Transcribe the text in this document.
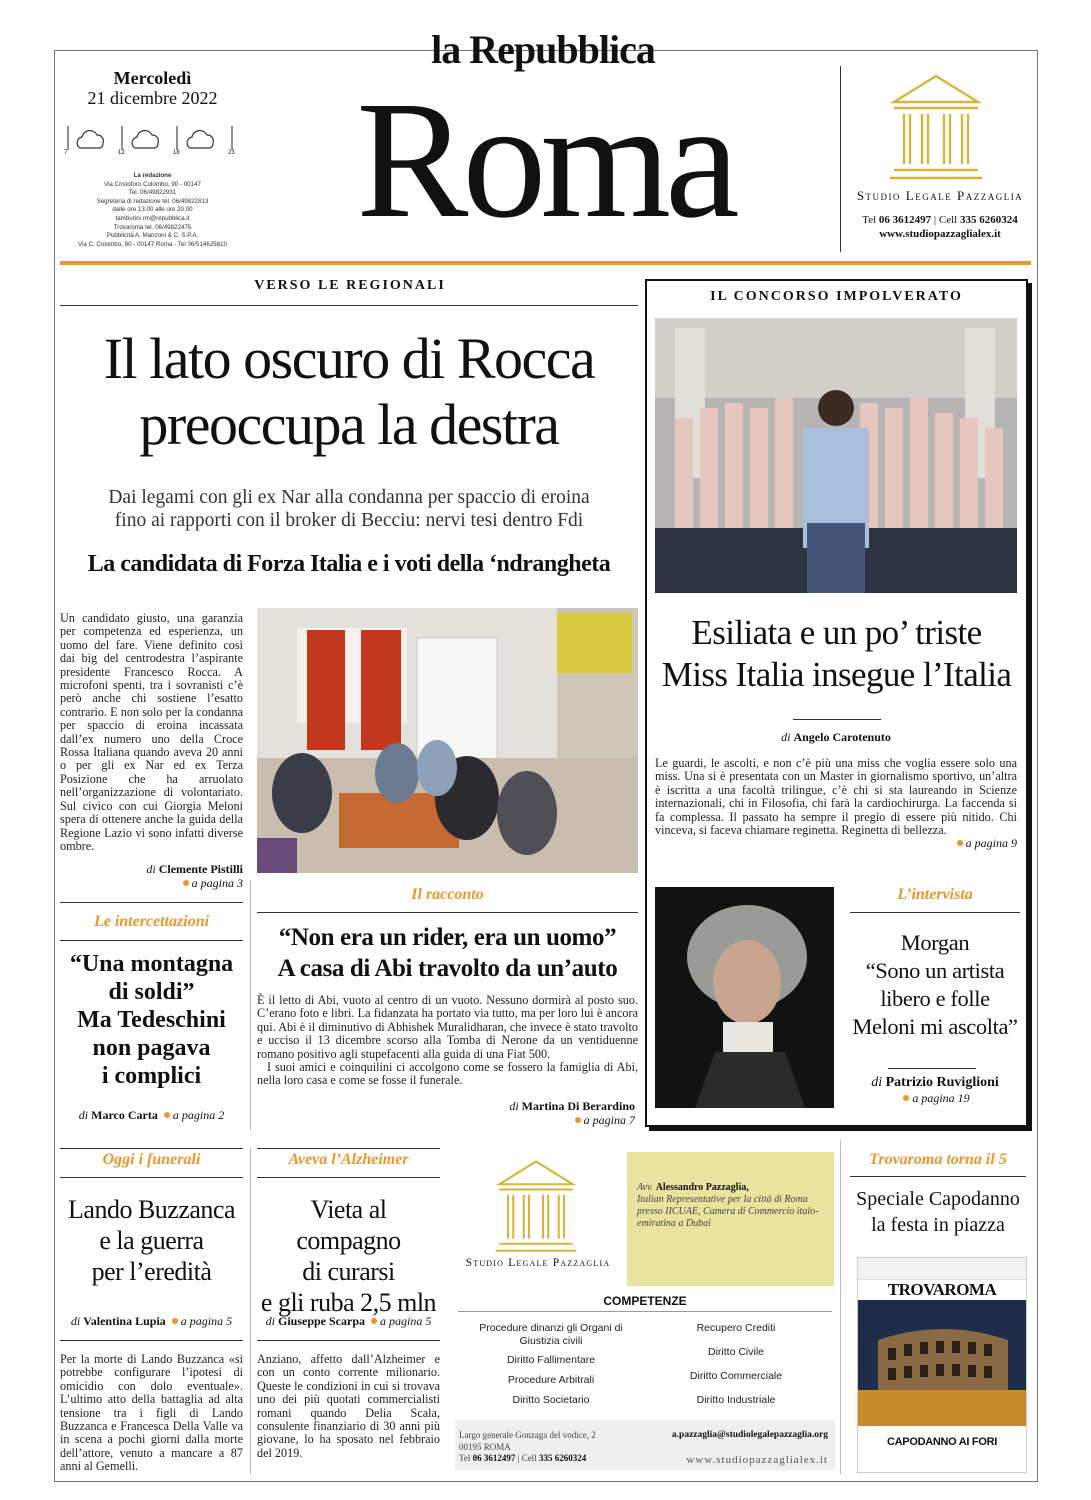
la Repubblica
Roma
Mercoledì
21 dicembre 2022
7	12	18	23
La redazione
Via Cristoforo Colombo, 90 - 00147
Tel. 06/49822931
Segreteria di redazione tel. 06/49822813
dalle ore 13.00 alle ore 20.00
tamburini.rm@repubblica.it
Trovaroma tel. 06/49822475
Pubblicità A. Manzoni & C. S.P.A.
Via C. Colombo, 90 - 00147 Roma - Tel 06/514625810
Studio Legale Pazzaglia
Tel 06 3612497 | Cell 335 6260324
www.studiopazzaglialex.it
VERSO LE REGIONALI
Il lato oscuro di Rocca
preoccupa la destra
Dai legami con gli ex Nar alla condanna per spaccio di eroina
fino ai rapporti con il broker di Becciu: nervi tesi dentro Fdi
La candidata di Forza Italia e i voti della ‘ndrangheta
Un candidato giusto, una garanzia per competenza ed esperienza, un uomo del fare. Viene definito così dai big del centrodestra l’aspirante presidente Francesco Rocca. A microfoni spenti, tra i sovranisti c’è però anche chi sostiene l’esatto contrario. E non solo per la condanna per spaccio di eroina incassata dall’ex numero uno della Croce Rossa Italiana quando aveva 20 anni o per gli ex Nar ed ex Terza Posizione che ha arruolato nell’organizzazione di volontariato. Sul civico con cui Giorgia Meloni spera di ottenere anche la guida della Regione Lazio vi sono infatti diverse ombre.
di Clemente Pistilli
a pagina 3
Le intercettazioni
“Una montagna
di soldi”
Ma Tedeschini
non pagava
i complici
di Marco Carta a pagina 2
Il racconto
“Non era un rider, era un uomo”
A casa di Abi travolto da un’auto
È il letto di Abi, vuoto al centro di un vuoto. Nessuno dormirà al posto suo. C’erano foto e libri. La fidanzata ha portato via tutto, ma per loro lui è ancora qui. Abi è il diminutivo di Abhishek Muralidharan, che invece è stato travolto e ucciso il 13 dicembre scorso alla Tomba di Nerone da un ventiduenne romano positivo agli stupefacenti alla guida di una Fiat 500.
I suoi amici e coinquilini ci accolgono come se fossero la famiglia di Abi, nella loro casa e come se fosse il funerale.
di Martina Di Berardino
a pagina 7
IL CONCORSO IMPOLVERATO
Esiliata e un po’ triste
Miss Italia insegue l’Italia
di Angelo Carotenuto
Le guardi, le ascolti, e non c’è più una miss che voglia essere solo una miss. Una si è presentata con un Master in giornalismo sportivo, un’altra è iscritta a una facoltà trilingue, c’è chi si sta laureando in Scienze internazionali, chi in Filosofia, chi farà la cardiochirurga. La faccenda si fa complessa. Il passato ha sempre il pregio di essere più nitido. Chi vinceva, si faceva chiamare reginetta. Reginetta di bellezza.
a pagina 9
L’intervista
Morgan
“Sono un artista
libero e folle
Meloni mi ascolta”
di Patrizio Ruviglioni
a pagina 19
Oggi i funerali
Lando Buzzanca
e la guerra
per l’eredità
di Valentina Lupia a pagina 5
Per la morte di Lando Buzzanca «si potrebbe configurare l’ipotesi di omicidio con dolo eventuale». L’ultimo atto della battaglia ad alta tensione tra i figli di Lando Buzzanca e Francesca Della Valle va in scena a pochi giorni dalla morte dell’attore, venuto a mancare a 87 anni al Gemelli.
Aveva l’Alzheimer
Vieta al compagno
di curarsi
e gli ruba 2,5 mln
di Giuseppe Scarpa a pagina 5
Anziano, affetto dall’Alzheimer e con un conto corrente milionario. Queste le condizioni in cui si trovava uno dei più quotati commercialisti romani quando Delia Scala, consulente finanziario di 30 anni più giovane, lo ha sposato nel febbraio del 2019.
Studio Legale Pazzaglia
Avv. Alessandro Pazzaglia,
Italian Representative per la città di Roma presso IICUAE, Camera di Commercio italo-emiratina a Dubai
COMPETENZE
Procedure dinanzi gli Organi di Giustizia civili
Diritto Fallimentare
Procedure Arbitrali
Diritto Societario
Recupero Crediti
Diritto Civile
Diritto Commerciale
Diritto Industriale
Largo generale Gonzaga del vodice, 2
00195 ROMA
Tel 06 3612497 | Cell 335 6260324
a.pazzaglia@studiolegalepazzaglia.org
www.studiopazzaglialex.it
Trovaroma torna il 5
Speciale Capodanno
la festa in piazza
TROVAROMA
CAPODANNO AI FORI
